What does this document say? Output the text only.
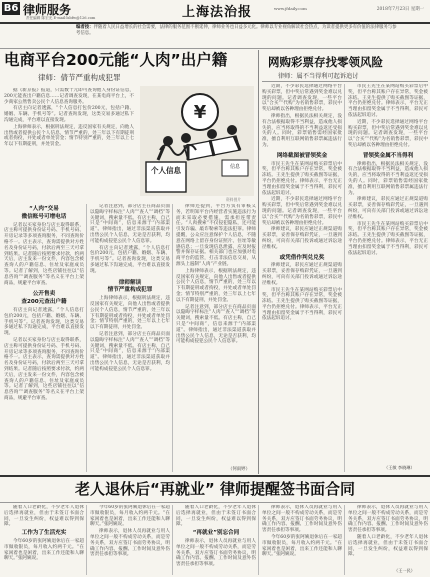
B6 律师服务
责任编辑 陈宏光 E-mail:lsbfw@126.com	上海法治报	www.jfdaily.com	2018年7月23日 星期一
编者按：伴随着人民日益增长的社会需要，法律的服务范围不断延伸，律师业务也日益多元化。律师以专业视角解读社会热点，为读者提供更多有价值的法律服务与参考信息。
电商平台200元能“人肉”出户籍
律师：倩节严重构成犯罪
¥
个人信息	信息
资料图片

据《新京报》报道，只需数十元即可查询他人身份证信息，200元能查出户籍信息……记者调查发现，在某电商平台上，不少商家公然售卖公民个人信息查询服务。

有店主向记者透露，“个人信息打包价200元，包括户籍、婚姻、车辆、手机号等”。记者查询发现，这类交易多通过私下沟通完成，平台难以直接发现。

上海律师表示，根据刑法规定，违反国家有关规定，向他人出售或者提供公民个人信息，情节严重的，处三年以下有期徒刑或者拘役，并处或者单处罚金；情节特别严重的，处三年以上七年以下有期徒刑，并处罚金。

“人肉”交易
微信账号可增电话

记者以买家身份与店主取得联系，店主称可提供身份证号码、手机号码、开房记录等多项查询服务，不同查询价格不一。店主表示，查询需提供对方姓名及身份证号码，付款后两至三天可拿到结果。记者随后按照要求付款，约两天后，店主发来一份文件，内容包含被查询人的户籍信息、住址及家庭成员等。记者了解到，这些店铺往往以“信息咨询”“调查服务”等名义在平台上架商品，规避平台审查。

公开售卖
查200元查出户籍

有店主向记者透露，“个人信息打包价200元，包括户籍、婚姻、车辆、手机号等”。记者查询发现，这类交易多通过私下沟通完成，平台难以直接发现。

记者以买家身份与店主取得联系，店主称可提供身份证号码、手机号码、开房记录等多项查询服务，不同查询价格不一。店主表示，查询需提供对方姓名及身份证号码，付款后两至三天可拿到结果。记者随后按照要求付款，约两天后，店主发来一份文件，内容包含被查询人的户籍信息、住址及家庭成员等。记者了解到，这些店铺往往以“信息咨询”“调查服务”等名义在平台上架商品，规避平台审查。

记者注意到，部分店主在商品页面以隐晦字样标注“人肉”“查人”“调档”等关键词，搜索量不低。有店主称，自己只是“中间商”，信息来源于“内部渠道”。律师指出，通过非法渠道获取并出售公民个人信息，无论是否获利，均可能构成侵犯公民个人信息罪。

有店主向记者透露，“个人信息打包价200元，包括户籍、婚姻、车辆、手机号等”。记者查询发现，这类交易多通过私下沟通完成，平台难以直接发现。

律师解读
情节严重构成犯罪

上海律师表示，根据刑法规定，违反国家有关规定，向他人出售或者提供公民个人信息，情节严重的，处三年以下有期徒刑或者拘役，并处或者单处罚金；情节特别严重的，处三年以上七年以下有期徒刑，并处罚金。

记者注意到，部分店主在商品页面以隐晦字样标注“人肉”“查人”“调档”等关键词，搜索量不低。有店主称，自己只是“中间商”，信息来源于“内部渠道”。律师指出，通过非法渠道获取并出售公民个人信息，无论是否获利，均可能构成侵犯公民个人信息罪。

律师还提到，平台方负有审核义务，若明知平台内经营者实施违法行为而未采取必要措施，需承担连带责任。“人肉搜索”不仅侵犯隐私，还可能引发诈骗、敲诈勒索等违法犯罪。律师提醒，公众应注意保护个人信息，不随意在网络上留存身份证照片、住址等敏感信息；一旦发现信息泄露，应及时报警并保存证据。相关部门也应加强对电商平台的监管，打击非法信息交易，从源头上遏制“人肉”产业链。

上海律师表示，根据刑法规定，违反国家有关规定，向他人出售或者提供公民个人信息，情节严重的，处三年以下有期徒刑或者拘役，并处或者单处罚金；情节特别严重的，处三年以上七年以下有期徒刑，并处罚金。

记者注意到，部分店主在商品页面以隐晦字样标注“人肉”“查人”“调档”等关键词，搜索量不低。有店主称，自己只是“中间商”，信息来源于“内部渠道”。律师指出，通过非法渠道获取并出售公民个人信息，无论是否获利，均可能构成侵犯公民个人信息罪。

（何雨婷）
网购彩票存找零领风险
律师：属不当得利可起诉追讨

近期，不少彩民选择通过网络平台购买彩票，但中奖后常遇到奖金难以兑现的问题。记者调查发现，一些平台以“合买”“代购”为名销售彩票，彩民中奖后却被以各种理由拒绝兑付。

律师指出，根据民法相关规定，没有合法根据取得不当利益，造成他人损失的，应当将取得的不当利益返还受损失的人。同时，彩票销售需经国家批准，擅自利用互联网销售彩票属违法行为。

网络截图被冒领奖金

市民王先生在某网站购买彩票后中奖，但平台称其账户存在异常，奖金被冻结。王先生提供了购买截图等证据，平台仍拒绝兑付。律师表示，平台无正当理由扣留奖金属于不当得利，彩民可依法起诉追讨。

近期，不少彩民选择通过网络平台购买彩票，但中奖后常遇到奖金难以兑现的问题。记者调查发现，一些平台以“合买”“代购”为名销售彩票，彩民中奖后却被以各种理由拒绝兑付。

律师建议，彩民应通过正规渠道购买彩票，妥善保存购彩凭证，一旦遇到纠纷，可向有关部门投诉或通过诉讼途径维权。

或凭借作判兑兑奖

律师建议，彩民应通过正规渠道购买彩票，妥善保存购彩凭证，一旦遇到纠纷，可向有关部门投诉或通过诉讼途径维权。

市民王先生在某网站购买彩票后中奖，但平台称其账户存在异常，奖金被冻结。王先生提供了购买截图等证据，平台仍拒绝兑付。律师表示，平台无正当理由扣留奖金属于不当得利，彩民可依法起诉追讨。

市民王先生在某网站购买彩票后中奖，但平台称其账户存在异常，奖金被冻结。王先生提供了购买截图等证据，平台仍拒绝兑付。律师表示，平台无正当理由扣留奖金属于不当得利，彩民可依法起诉追讨。

近期，不少彩民选择通过网络平台购买彩票，但中奖后常遇到奖金难以兑现的问题。记者调查发现，一些平台以“合买”“代购”为名销售彩票，彩民中奖后却被以各种理由拒绝兑付。

冒领奖金属不当得利

律师指出，根据民法相关规定，没有合法根据取得不当利益，造成他人损失的，应当将取得的不当利益返还受损失的人。同时，彩票销售需经国家批准，擅自利用互联网销售彩票属违法行为。

律师建议，彩民应通过正规渠道购买彩票，妥善保存购彩凭证，一旦遇到纠纷，可向有关部门投诉或通过诉讼途径维权。

市民王先生在某网站购买彩票后中奖，但平台称其账户存在异常，奖金被冻结。王先生提供了购买截图等证据，平台仍拒绝兑付。律师表示，平台无正当理由扣留奖金属于不当得利，彩民可依法起诉追讨。

（王敏 李晓琳）
老人退休后“再就业” 律师提醒签书面合同

随着人口老龄化，不少老年人退休后选择再就业，但由于未签订书面合同，一旦发生纠纷，权益难以得到保障。

工作为了生活充实

今年60岁的张阿姨退休后在一家超市做收银员，每月收入约两千元。“在家闲着也是闲着，出来工作还能和人聊聊天。”张阿姨说。

今年60岁的张阿姨退休后在一家超市做收银员，每月收入约两千元。“在家闲着也是闲着，出来工作还能和人聊聊天。”张阿姨说。

律师表示，退休人员再就业与用人单位之间一般不构成劳动关系，而是劳务关系，双方应签订书面劳务协议，明确工作内容、报酬、工作时间及意外伤害责任承担等事项。

随着人口老龄化，不少老年人退休后选择再就业，但由于未签订书面合同，一旦发生纠纷，权益难以得到保障。

“再就业”别忘合同

律师表示，退休人员再就业与用人单位之间一般不构成劳动关系，而是劳务关系，双方应签订书面劳务协议，明确工作内容、报酬、工作时间及意外伤害责任承担等事项。

律师表示，退休人员再就业与用人单位之间一般不构成劳动关系，而是劳务关系，双方应签订书面劳务协议，明确工作内容、报酬、工作时间及意外伤害责任承担等事项。

今年60岁的张阿姨退休后在一家超市做收银员，每月收入约两千元。“在家闲着也是闲着，出来工作还能和人聊聊天。”张阿姨说。

律师表示，退休人员再就业与用人单位之间一般不构成劳动关系，而是劳务关系，双方应签订书面劳务协议，明确工作内容、报酬、工作时间及意外伤害责任承担等事项。

随着人口老龄化，不少老年人退休后选择再就业，但由于未签订书面合同，一旦发生纠纷，权益难以得到保障。

（王一民）
